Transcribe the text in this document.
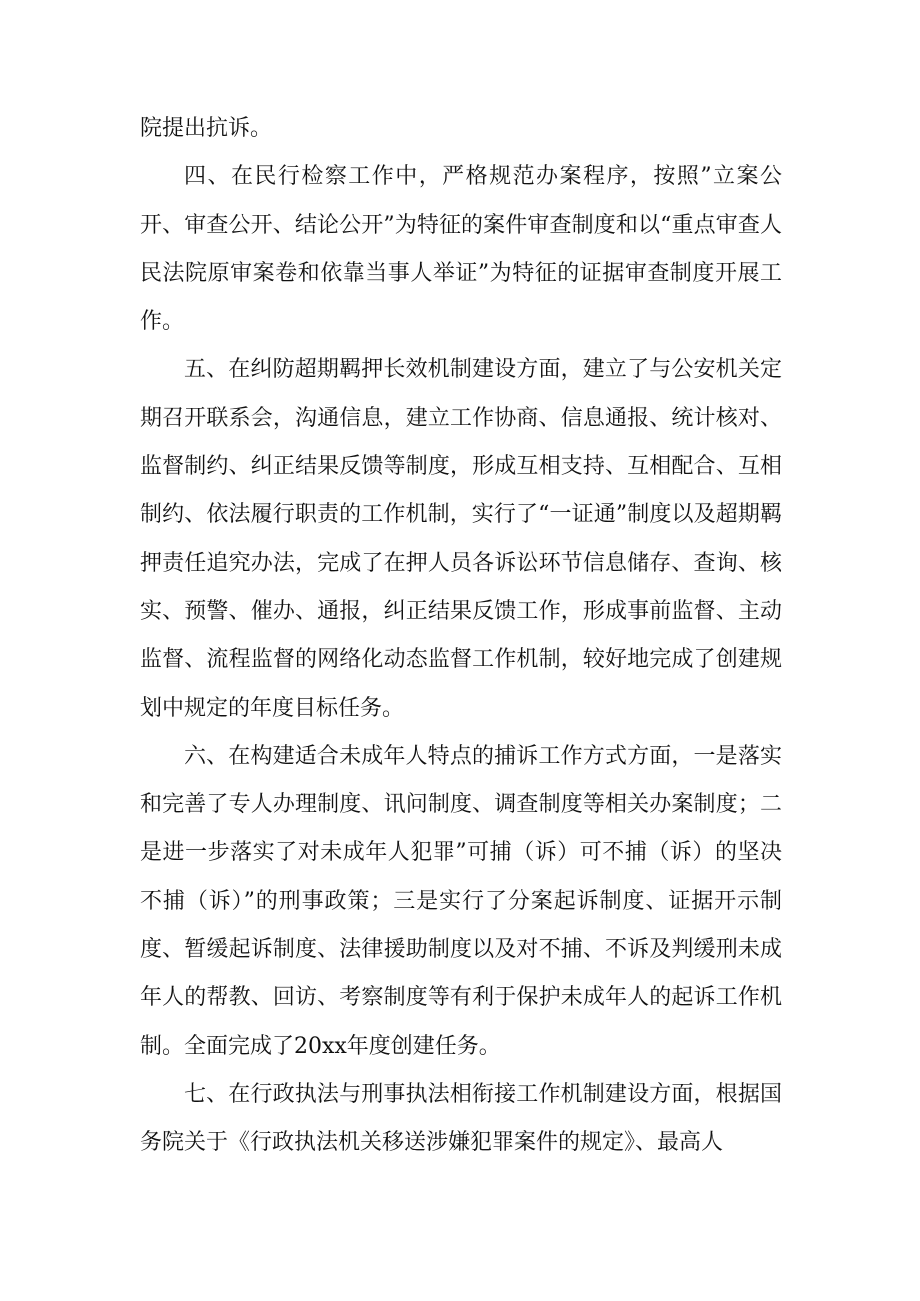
院提出抗诉。

四、在民行检察工作中，严格规范办案程序，按照”立案公开、审查公开、结论公开”为特征的案件审查制度和以“重点审查人民法院原审案卷和依靠当事人举证”为特征的证据审查制度开展工作。

五、在纠防超期羁押长效机制建设方面，建立了与公安机关定期召开联系会，沟通信息，建立工作协商、信息通报、统计核对、监督制约、纠正结果反馈等制度，形成互相支持、互相配合、互相制约、依法履行职责的工作机制，实行了“一证通”制度以及超期羁押责任追究办法，完成了在押人员各诉讼环节信息储存、查询、核实、预警、催办、通报，纠正结果反馈工作，形成事前监督、主动监督、流程监督的网络化动态监督工作机制，较好地完成了创建规划中规定的年度目标任务。

六、在构建适合未成年人特点的捕诉工作方式方面，一是落实和完善了专人办理制度、讯问制度、调查制度等相关办案制度；二是进一步落实了对未成年人犯罪”可捕（诉）可不捕（诉）的坚决不捕（诉）”的刑事政策；三是实行了分案起诉制度、证据开示制度、暂缓起诉制度、法律援助制度以及对不捕、不诉及判缓刑未成年人的帮教、回访、考察制度等有利于保护未成年人的起诉工作机制。全面完成了20xx年度创建任务。

七、在行政执法与刑事执法相衔接工作机制建设方面，根据国务院关于《行政执法机关移送涉嫌犯罪案件的规定》、最高人
